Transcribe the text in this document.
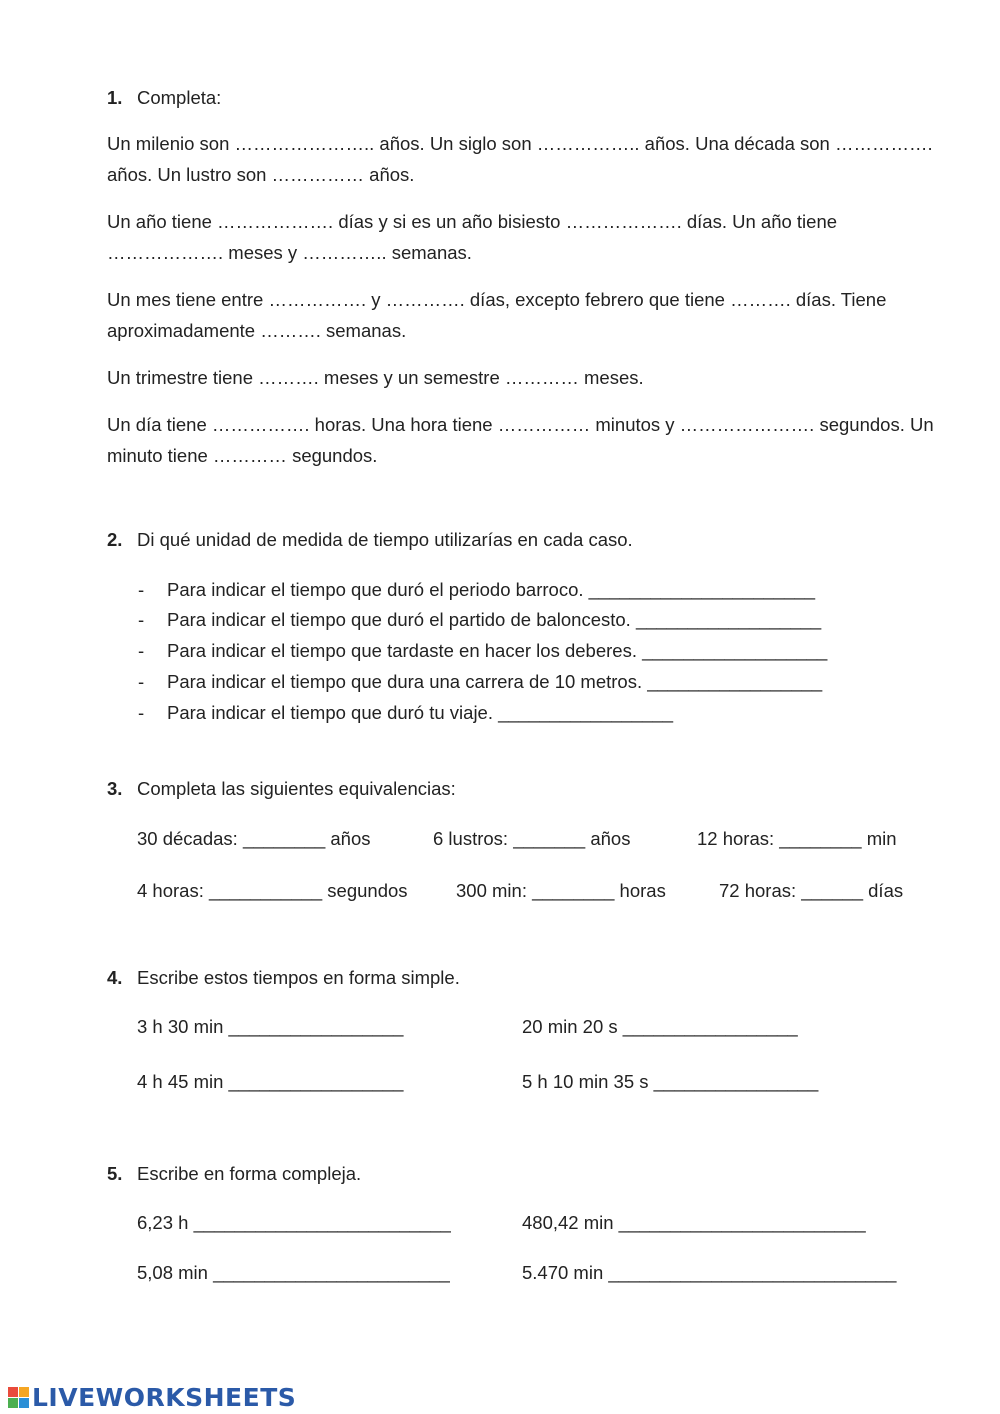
1. Completa:
Un milenio son ………………….. años. Un siglo son …………….. años. Una década son ……………. años. Un lustro son …………… años.
Un año tiene ………………. días y si es un año bisiesto ………………. días. Un año tiene ………………. meses y ………….. semanas.
Un mes tiene entre ……………. y …………. días, excepto febrero que tiene ………. días. Tiene aproximadamente ………. semanas.
Un trimestre tiene ………. meses y un semestre ………… meses.
Un día tiene ……………. horas. Una hora tiene …………… minutos y …………………. segundos. Un minuto tiene ………… segundos.
2. Di qué unidad de medida de tiempo utilizarías en cada caso.
- Para indicar el tiempo que duró el periodo barroco. ______________________
- Para indicar el tiempo que duró el partido de baloncesto. __________________
- Para indicar el tiempo que tardaste en hacer los deberes. __________________
- Para indicar el tiempo que dura una carrera de 10 metros. _________________
- Para indicar el tiempo que duró tu viaje. _________________
3. Completa las siguientes equivalencias:
30 décadas: ________ años	6 lustros: _______ años	12 horas: ________ min
4 horas: ___________ segundos	300 min: ________ horas	72 horas: ______ días
4. Escribe estos tiempos en forma simple.
3 h 30 min _________________	20 min 20 s _________________
4 h 45 min _________________	5 h 10 min 35 s ________________
5. Escribe en forma compleja.
6,23 h _________________________	480,42 min ________________________
5,08 min _______________________	5.470 min ____________________________
LIVEWORKSHEETS
